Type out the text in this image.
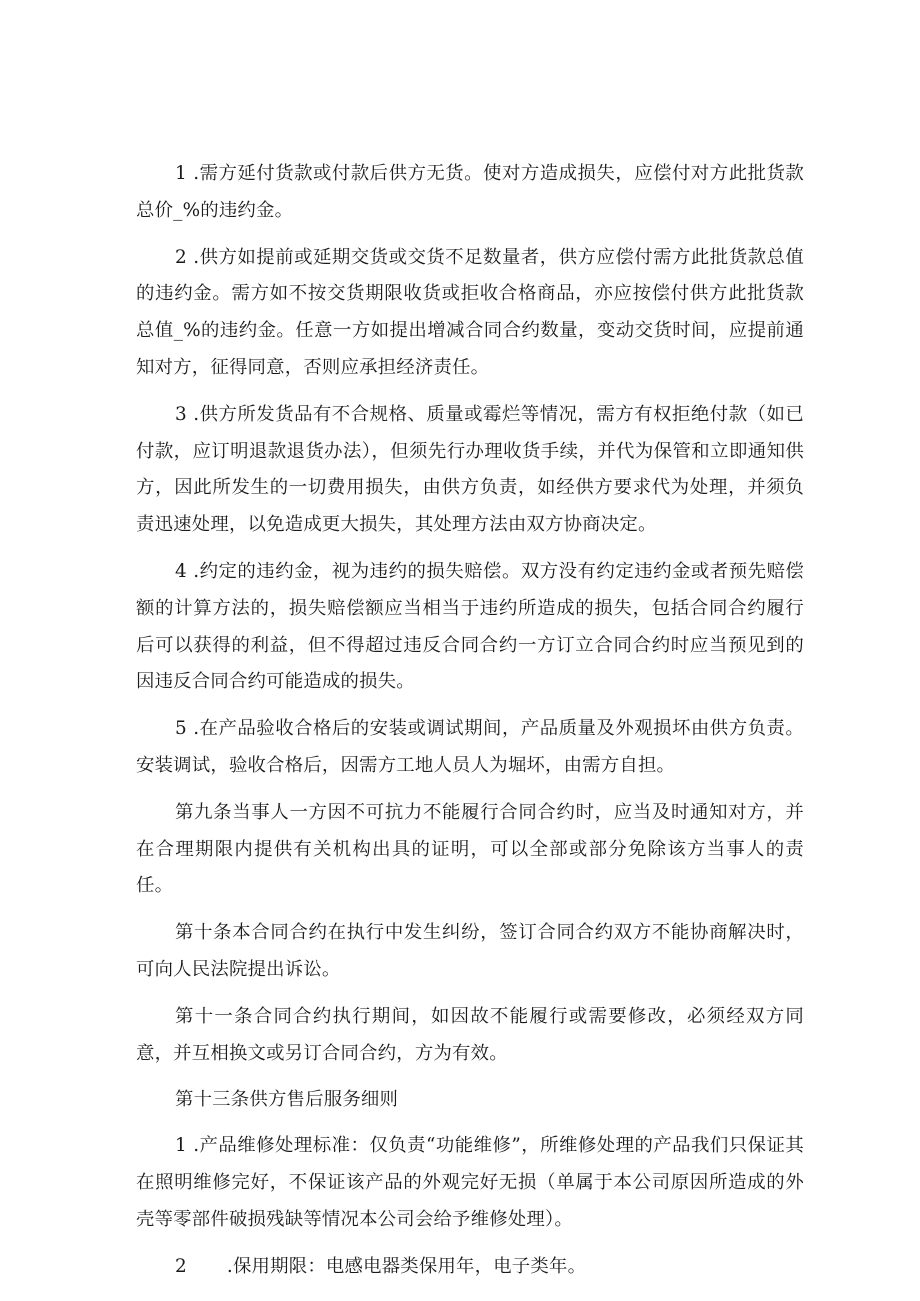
1 .需方延付货款或付款后供方无货。使对方造成损失，应偿付对方此批货款总价_%的违约金。

2 .供方如提前或延期交货或交货不足数量者，供方应偿付需方此批货款总值的违约金。需方如不按交货期限收货或拒收合格商品，亦应按偿付供方此批货款总值_%的违约金。任意一方如提出增减合同合约数量，变动交货时间，应提前通知对方，征得同意，否则应承担经济责任。

3 .供方所发货品有不合规格、质量或霉烂等情况，需方有权拒绝付款（如已付款，应订明退款退货办法），但须先行办理收货手续，并代为保管和立即通知供方，因此所发生的一切费用损失，由供方负责，如经供方要求代为处理，并须负责迅速处理，以免造成更大损失，其处理方法由双方协商决定。

4 .约定的违约金，视为违约的损失赔偿。双方没有约定违约金或者预先赔偿额的计算方法的，损失赔偿额应当相当于违约所造成的损失，包括合同合约履行后可以获得的利益，但不得超过违反合同合约一方订立合同合约时应当预见到的因违反合同合约可能造成的损失。

5 .在产品验收合格后的安装或调试期间，产品质量及外观损坏由供方负责。安装调试，验收合格后，因需方工地人员人为堀坏，由需方自担。

第九条当事人一方因不可抗力不能履行合同合约时，应当及时通知对方，并在合理期限内提供有关机构出具的证明，可以全部或部分免除该方当事人的责任。

第十条本合同合约在执行中发生纠纷，签订合同合约双方不能协商解决时，可向人民法院提出诉讼。

第十一条合同合约执行期间，如因故不能履行或需要修改，必须经双方同意，并互相换文或另订合同合约，方为有效。

第十三条供方售后服务细则

1 .产品维修处理标准：仅负责“功能维修”，所维修处理的产品我们只保证其在照明维修完好，不保证该产品的外观完好无损（单属于本公司原因所造成的外壳等零部件破损残缺等情况本公司会给予维修处理）。

2 .保用期限：电感电器类保用年，电子类年。
